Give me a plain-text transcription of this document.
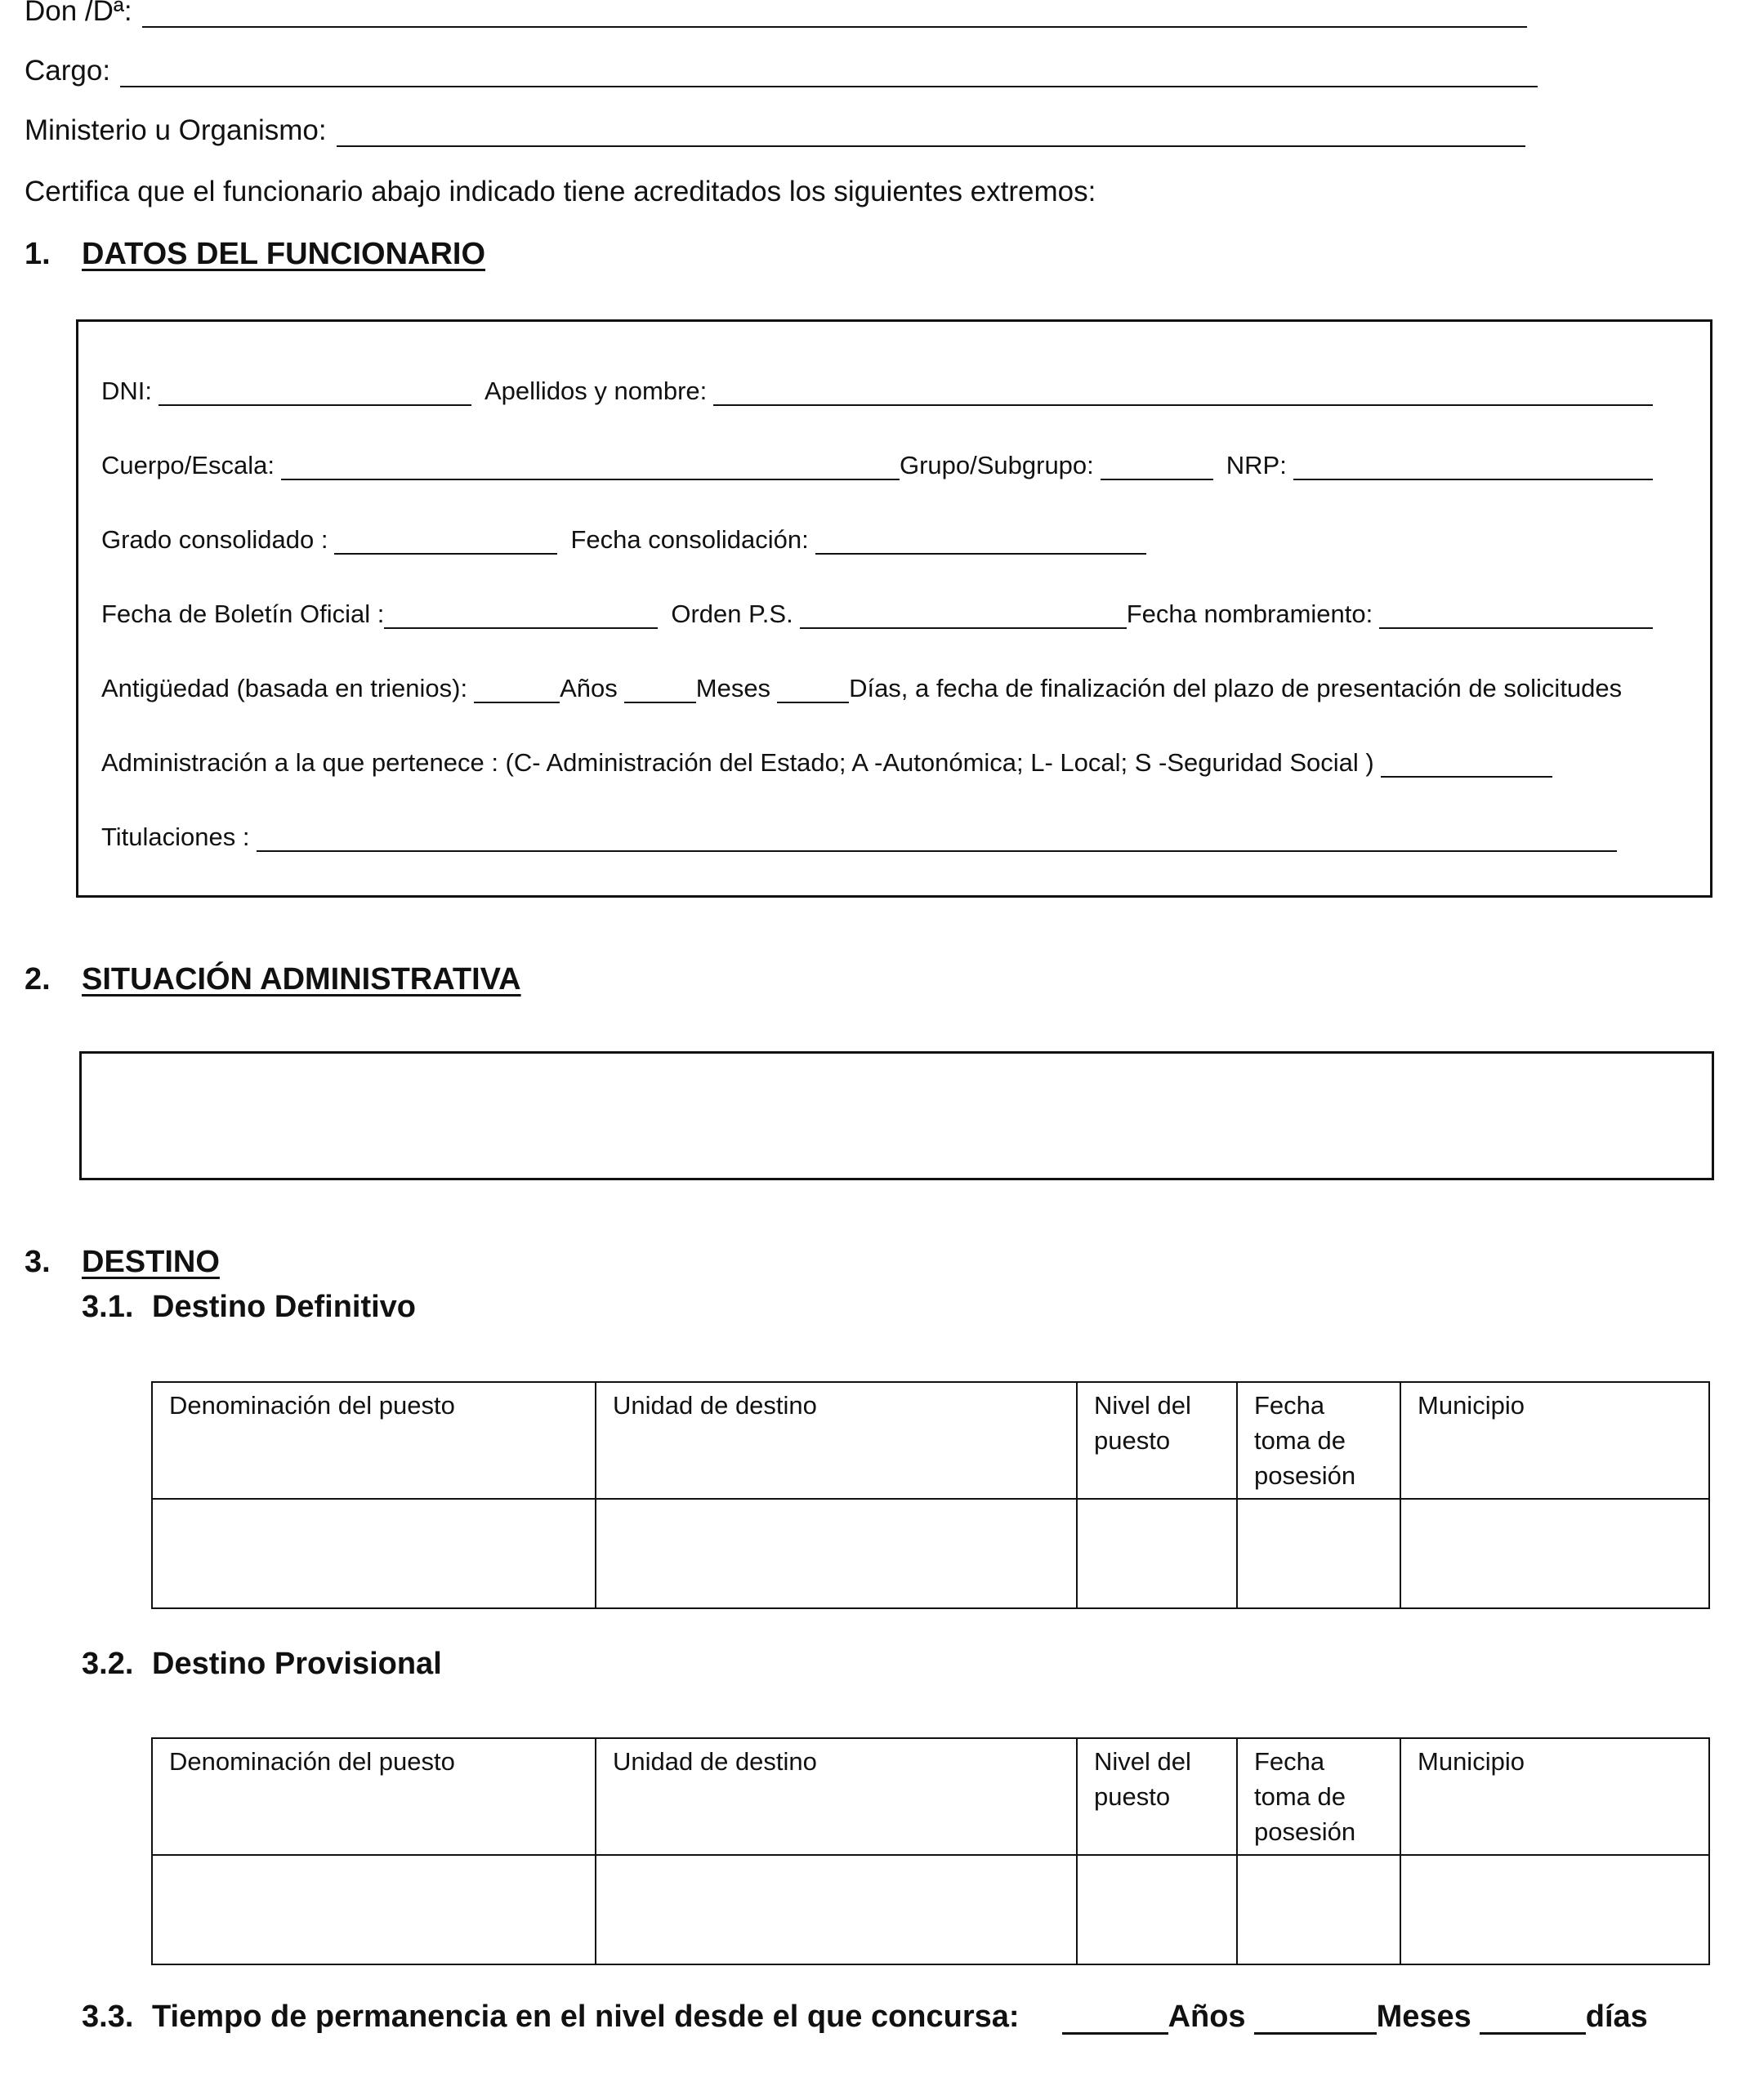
Don /Dª:
Cargo:
Ministerio u Organismo:
Certifica que el funcionario abajo indicado tiene acreditados los siguientes extremos:
1. DATOS DEL FUNCIONARIO
DNI:	Apellidos y nombre:
Cuerpo/Escala:	Grupo/Subgrupo:	NRP:
Grado consolidado :	Fecha consolidación:
Fecha de Boletín Oficial :	Orden P.S.	Fecha nombramiento:
Antigüedad (basada en trienios):	Años	Meses	Días, a fecha de finalización del plazo de presentación de solicitudes
Administración a la que pertenece : (C- Administración del Estado; A -Autonómica; L- Local; S -Seguridad Social )
Titulaciones :
2. SITUACIÓN ADMINISTRATIVA
3. DESTINO
3.1. Destino Definitivo
Denominación del puesto	Unidad de destino	Nivel del puesto	Fecha toma de posesión	Municipio

3.2. Destino Provisional
Denominación del puesto	Unidad de destino	Nivel del puesto	Fecha toma de posesión	Municipio

3.3. Tiempo de permanencia en el nivel desde el que concursa:	Años	Meses	días
